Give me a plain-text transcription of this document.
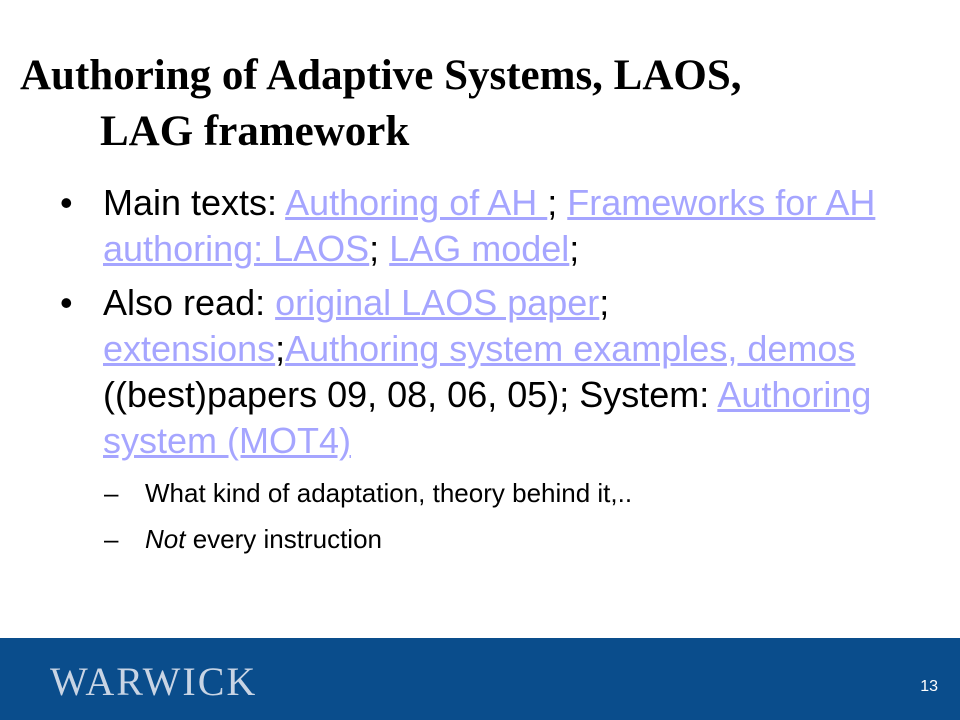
Authoring of Adaptive Systems, LAOS,
LAG framework
• Main texts: Authoring of AH ; Frameworks for AH authoring: LAOS; LAG model;
• Also read: original LAOS paper; extensions;Authoring system examples, demos ((best)papers 09, 08, 06, 05); System: Authoring system (MOT4)
– What kind of adaptation, theory behind it,..
– Not every instruction
WARWICK	13
